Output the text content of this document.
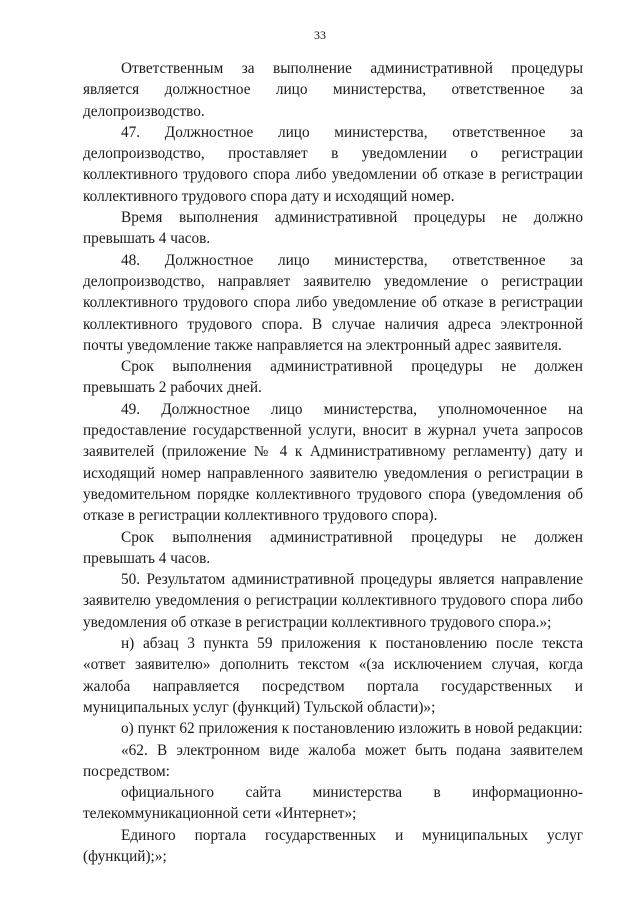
33

Ответственным за выполнение административной процедуры является должностное лицо министерства, ответственное за делопроизводство.

47. Должностное лицо министерства, ответственное за делопроизводство, проставляет в уведомлении о регистрации коллективного трудового спора либо уведомлении об отказе в регистрации коллективного трудового спора дату и исходящий номер.

Время выполнения административной процедуры не должно превышать 4 часов.

48. Должностное лицо министерства, ответственное за делопроизводство, направляет заявителю уведомление о регистрации коллективного трудового спора либо уведомление об отказе в регистрации коллективного трудового спора. В случае наличия адреса электронной почты уведомление также направляется на электронный адрес заявителя.

Срок выполнения административной процедуры не должен превышать 2 рабочих дней.

49. Должностное лицо министерства, уполномоченное на предоставление государственной услуги, вносит в журнал учета запросов заявителей (приложение № 4 к Административному регламенту) дату и исходящий номер направленного заявителю уведомления о регистрации в уведомительном порядке коллективного трудового спора (уведомления об отказе в регистрации коллективного трудового спора).

Срок выполнения административной процедуры не должен превышать 4 часов.

50. Результатом административной процедуры является направление заявителю уведомления о регистрации коллективного трудового спора либо уведомления об отказе в регистрации коллективного трудового спора.»;

н) абзац 3 пункта 59 приложения к постановлению после текста «ответ заявителю» дополнить текстом «(за исключением случая, когда жалоба направляется посредством портала государственных и муниципальных услуг (функций) Тульской области)»;

о) пункт 62 приложения к постановлению изложить в новой редакции:

«62. В электронном виде жалоба может быть подана заявителем посредством:

официального сайта министерства в информационно-телекоммуникационной сети «Интернет»;

Единого портала государственных и муниципальных услуг (функций);»;
